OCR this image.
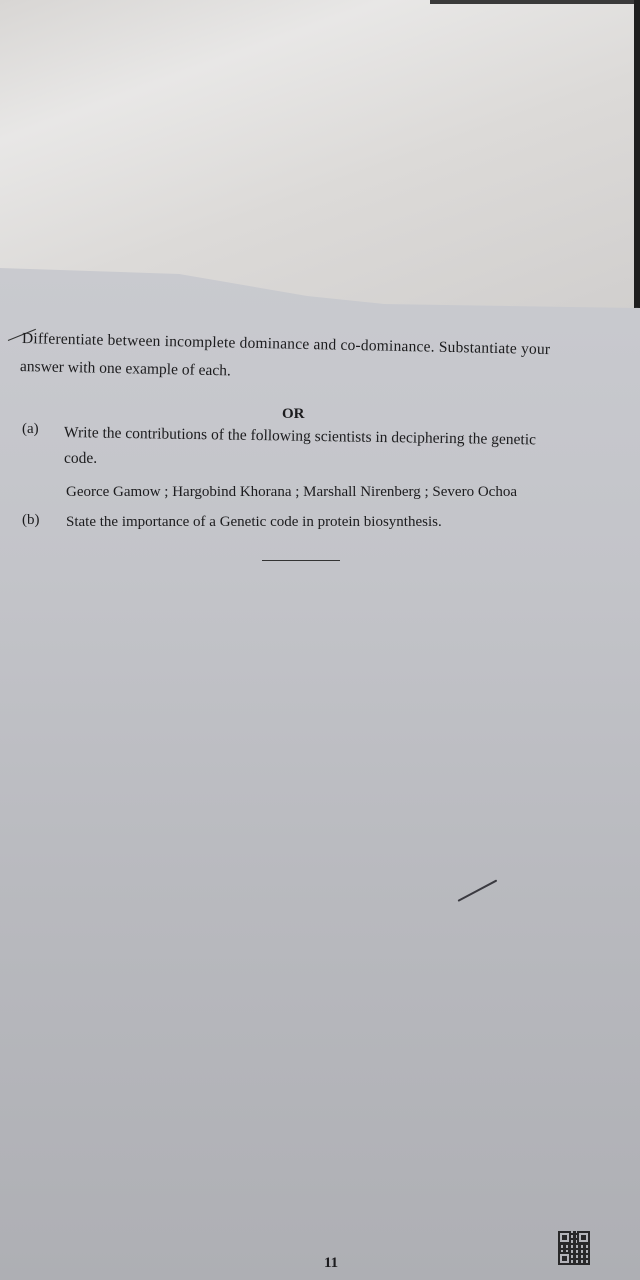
Differentiate between incomplete dominance and co-dominance. Substantiate your
answer with one example of each.
OR
(a) Write the contributions of the following scientists in deciphering the genetic
code.
Georce Gamow ; Hargobind Khorana ; Marshall Nirenberg ; Severo Ochoa
(b) State the importance of a Genetic code in protein biosynthesis.
11
